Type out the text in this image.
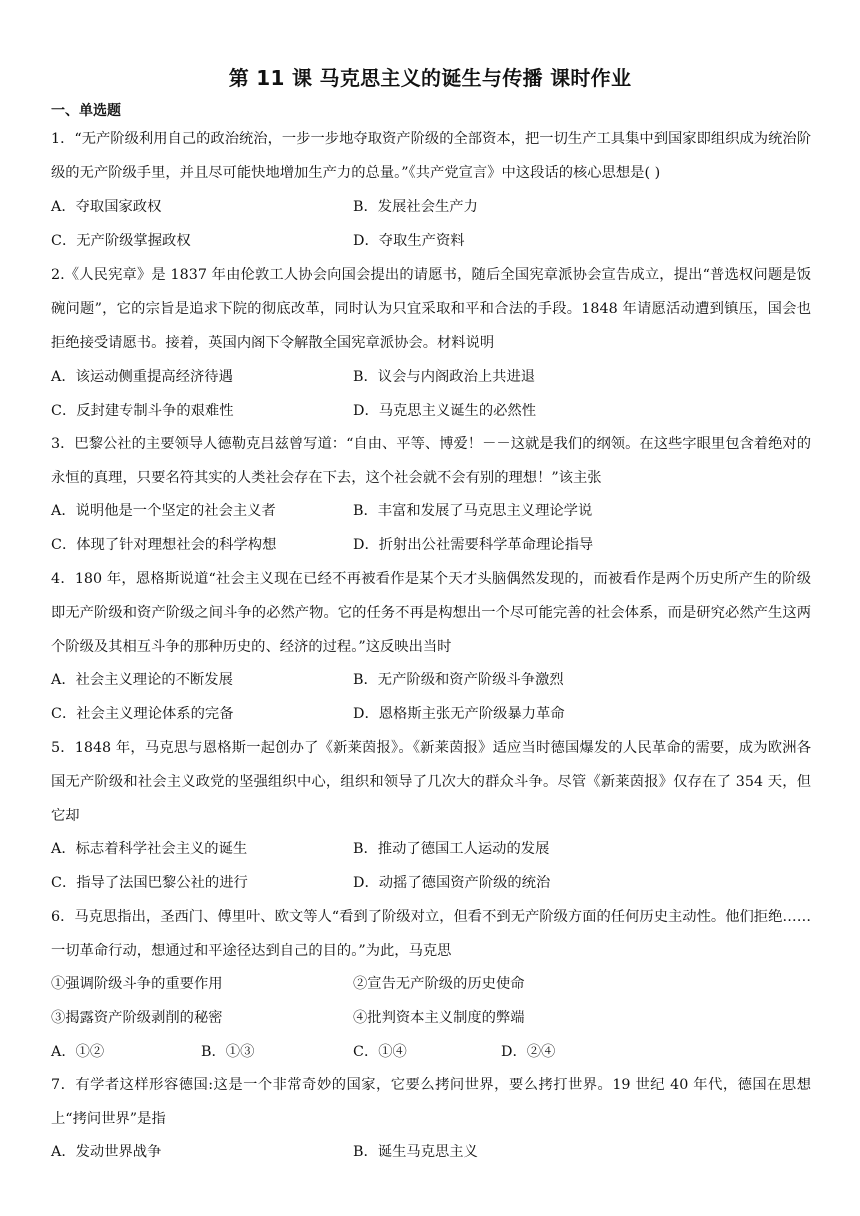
第 11 课 马克思主义的诞生与传播 课时作业
一、单选题
1．“无产阶级利用自己的政治统治，一步一步地夺取资产阶级的全部资本，把一切生产工具集中到国家即组织成为统治阶级的无产阶级手里，并且尽可能快地增加生产力的总量。”《共产党宣言》中这段话的核心思想是( )
A．夺取国家政权	B．发展社会生产力
C．无产阶级掌握政权	D．夺取生产资料
2.《人民宪章》是 1837 年由伦敦工人协会向国会提出的请愿书，随后全国宪章派协会宣告成立，提出“普选权问题是饭碗问题”，它的宗旨是追求下院的彻底改革，同时认为只宜采取和平和合法的手段。1848 年请愿活动遭到镇压，国会也拒绝接受请愿书。接着，英国内阁下令解散全国宪章派协会。材料说明
A．该运动侧重提高经济待遇	B．议会与内阁政治上共进退
C．反封建专制斗争的艰难性	D．马克思主义诞生的必然性
3．巴黎公社的主要领导人德勒克吕兹曾写道：“自由、平等、博爱！－－这就是我们的纲领。在这些字眼里包含着绝对的永恒的真理，只要名符其实的人类社会存在下去，这个社会就不会有别的理想！”该主张
A．说明他是一个坚定的社会主义者	B．丰富和发展了马克思主义理论学说
C．体现了针对理想社会的科学构想	D．折射出公社需要科学革命理论指导
4．180 年，恩格斯说道“社会主义现在已经不再被看作是某个天才头脑偶然发现的，而被看作是两个历史所产生的阶级即无产阶级和资产阶级之间斗争的必然产物。它的任务不再是构想出一个尽可能完善的社会体系，而是研究必然产生这两个阶级及其相互斗争的那种历史的、经济的过程。”这反映出当时
A．社会主义理论的不断发展	B．无产阶级和资产阶级斗争激烈
C．社会主义理论体系的完备	D．恩格斯主张无产阶级暴力革命
5．1848 年，马克思与恩格斯一起创办了《新莱茵报》。《新莱茵报》适应当时德国爆发的人民革命的需要，成为欧洲各国无产阶级和社会主义政党的坚强组织中心，组织和领导了几次大的群众斗争。尽管《新莱茵报》仅存在了 354 天，但它却
A．标志着科学社会主义的诞生	B．推动了德国工人运动的发展
C．指导了法国巴黎公社的进行	D．动摇了德国资产阶级的统治
6．马克思指出，圣西门、傅里叶、欧文等人“看到了阶级对立，但看不到无产阶级方面的任何历史主动性。他们拒绝……一切革命行动，想通过和平途径达到自己的目的。”为此，马克思
①强调阶级斗争的重要作用	②宣告无产阶级的历史使命
③揭露资产阶级剥削的秘密	④批判资本主义制度的弊端
A．①②	B．①③	C．①④	D．②④
7．有学者这样形容德国:这是一个非常奇妙的国家，它要么拷问世界，要么拷打世界。19 世纪 40 年代，德国在思想上“拷问世界”是指
A．发动世界战争	B．诞生马克思主义
